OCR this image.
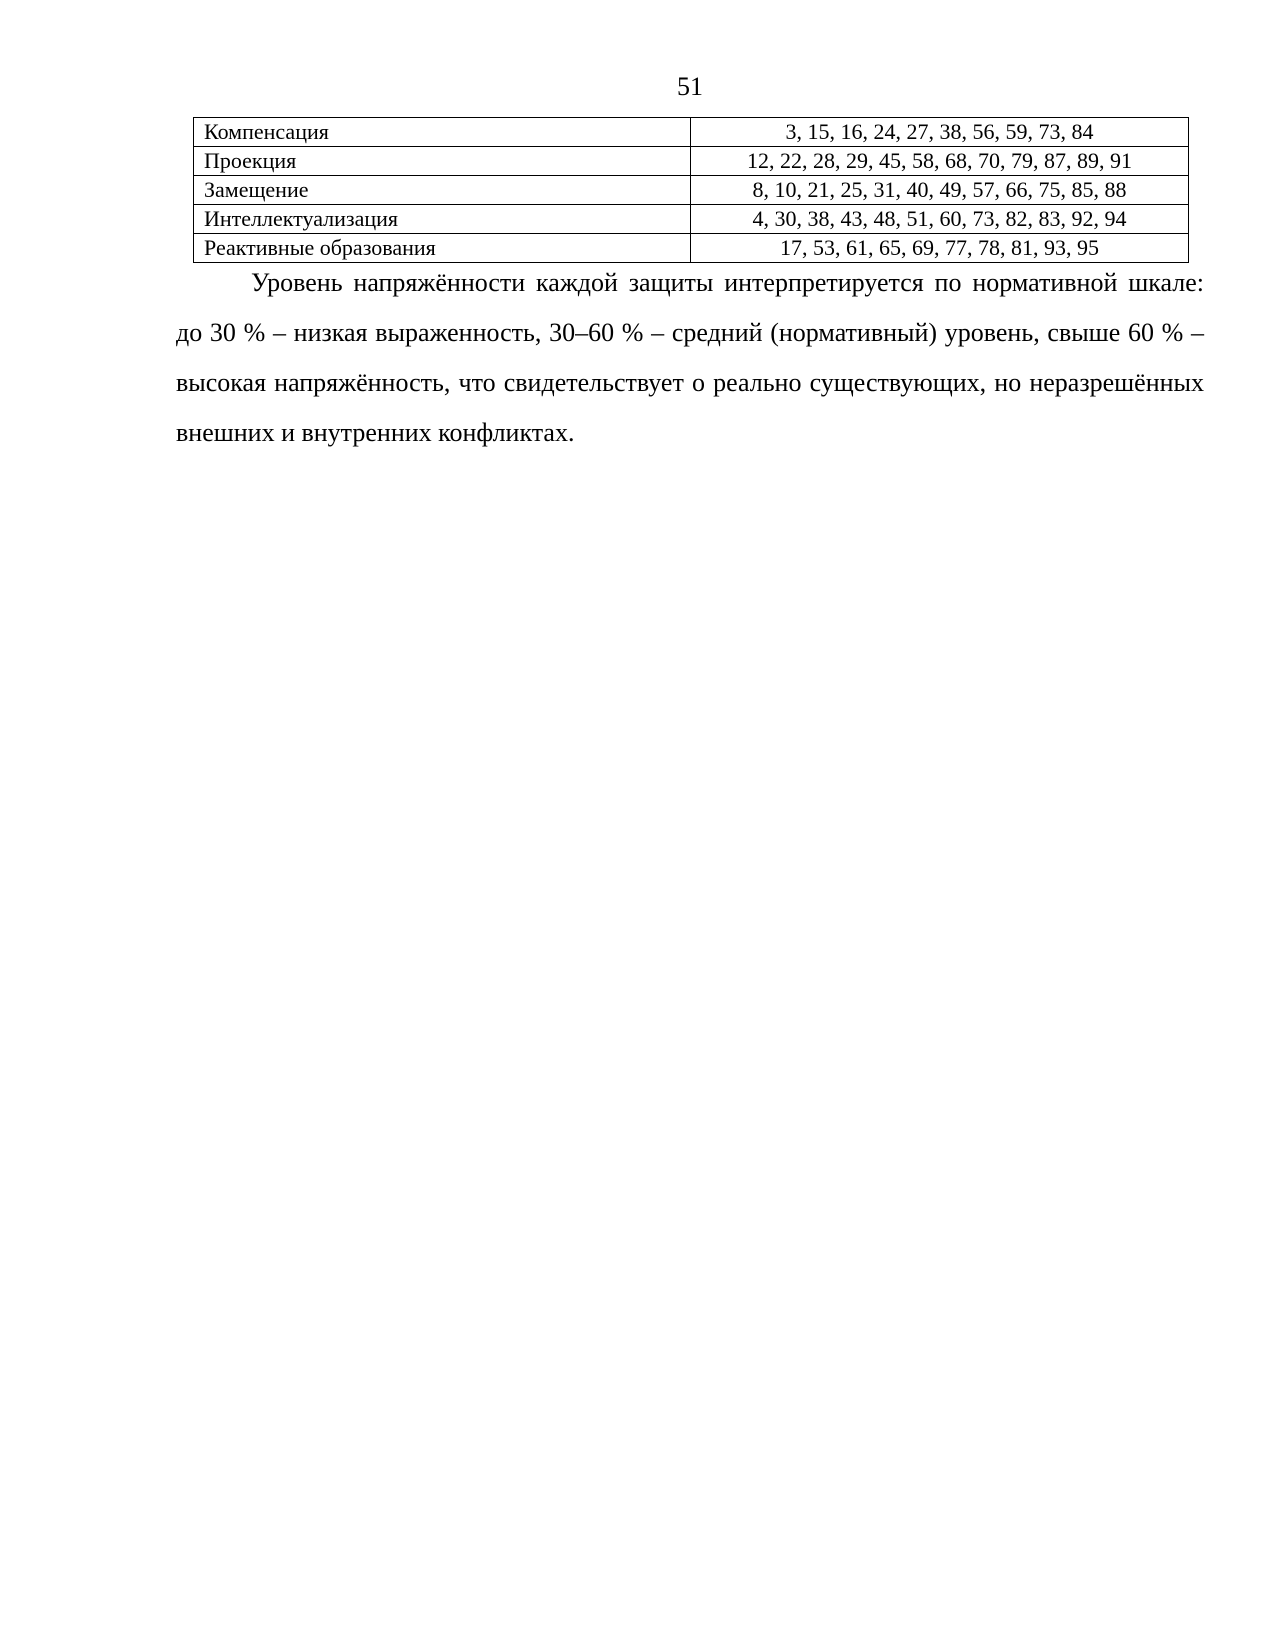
51
Компенсация	3, 15, 16, 24, 27, 38, 56, 59, 73, 84
Проекция	12, 22, 28, 29, 45, 58, 68, 70, 79, 87, 89, 91
Замещение	8, 10, 21, 25, 31, 40, 49, 57, 66, 75, 85, 88
Интеллектуализация	4, 30, 38, 43, 48, 51, 60, 73, 82, 83, 92, 94
Реактивные образования	17, 53, 61, 65, 69, 77, 78, 81, 93, 95

Уровень напряжённости каждой защиты интерпретируется по нормативной шкале: до 30 % – низкая выраженность, 30–60 % – средний (нормативный) уровень, свыше 60 % – высокая напряжённость, что свидетельствует о реально существующих, но неразрешённых внешних и внутренних конфликтах.
